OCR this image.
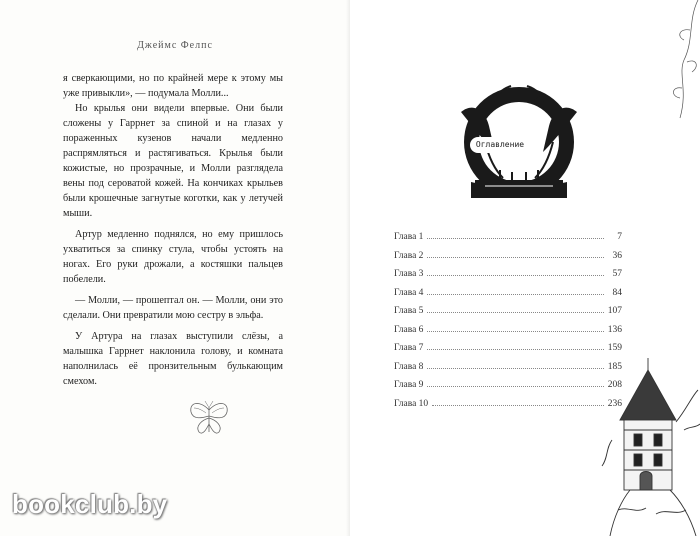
Джеймс Фелпс

я сверкающими, но по крайней мере к этому мы уже привыкли», — подумала Молли...

Но крылья они видели впервые. Они были сложены у Гаррнет за спиной и на глазах у пораженных кузенов начали медленно распрямляться и растягиваться. Крылья были кожистые, но прозрачные, и Молли разглядела вены под сероватой кожей. На кончиках крыльев были крошечные загнутые коготки, как у летучей мыши.

Артур медленно поднялся, но ему пришлось ухватиться за спинку стула, чтобы устоять на ногах. Его руки дрожали, а костяшки пальцев побелели.

— Молли, — прошептал он. — Молли, они это сделали. Они превратили мою сестру в эльфа.

У Артура на глазах выступили слёзы, а малышка Гаррнет наклонила голову, и комната наполнилась её пронзительным булькающим смехом.

Оглавление
Глава 1	7
Глава 2	36
Глава 3	57
Глава 4	84
Глава 5	107
Глава 6	136
Глава 7	159
Глава 8	185
Глава 9	208
Глава 10	236
bookclub.by
